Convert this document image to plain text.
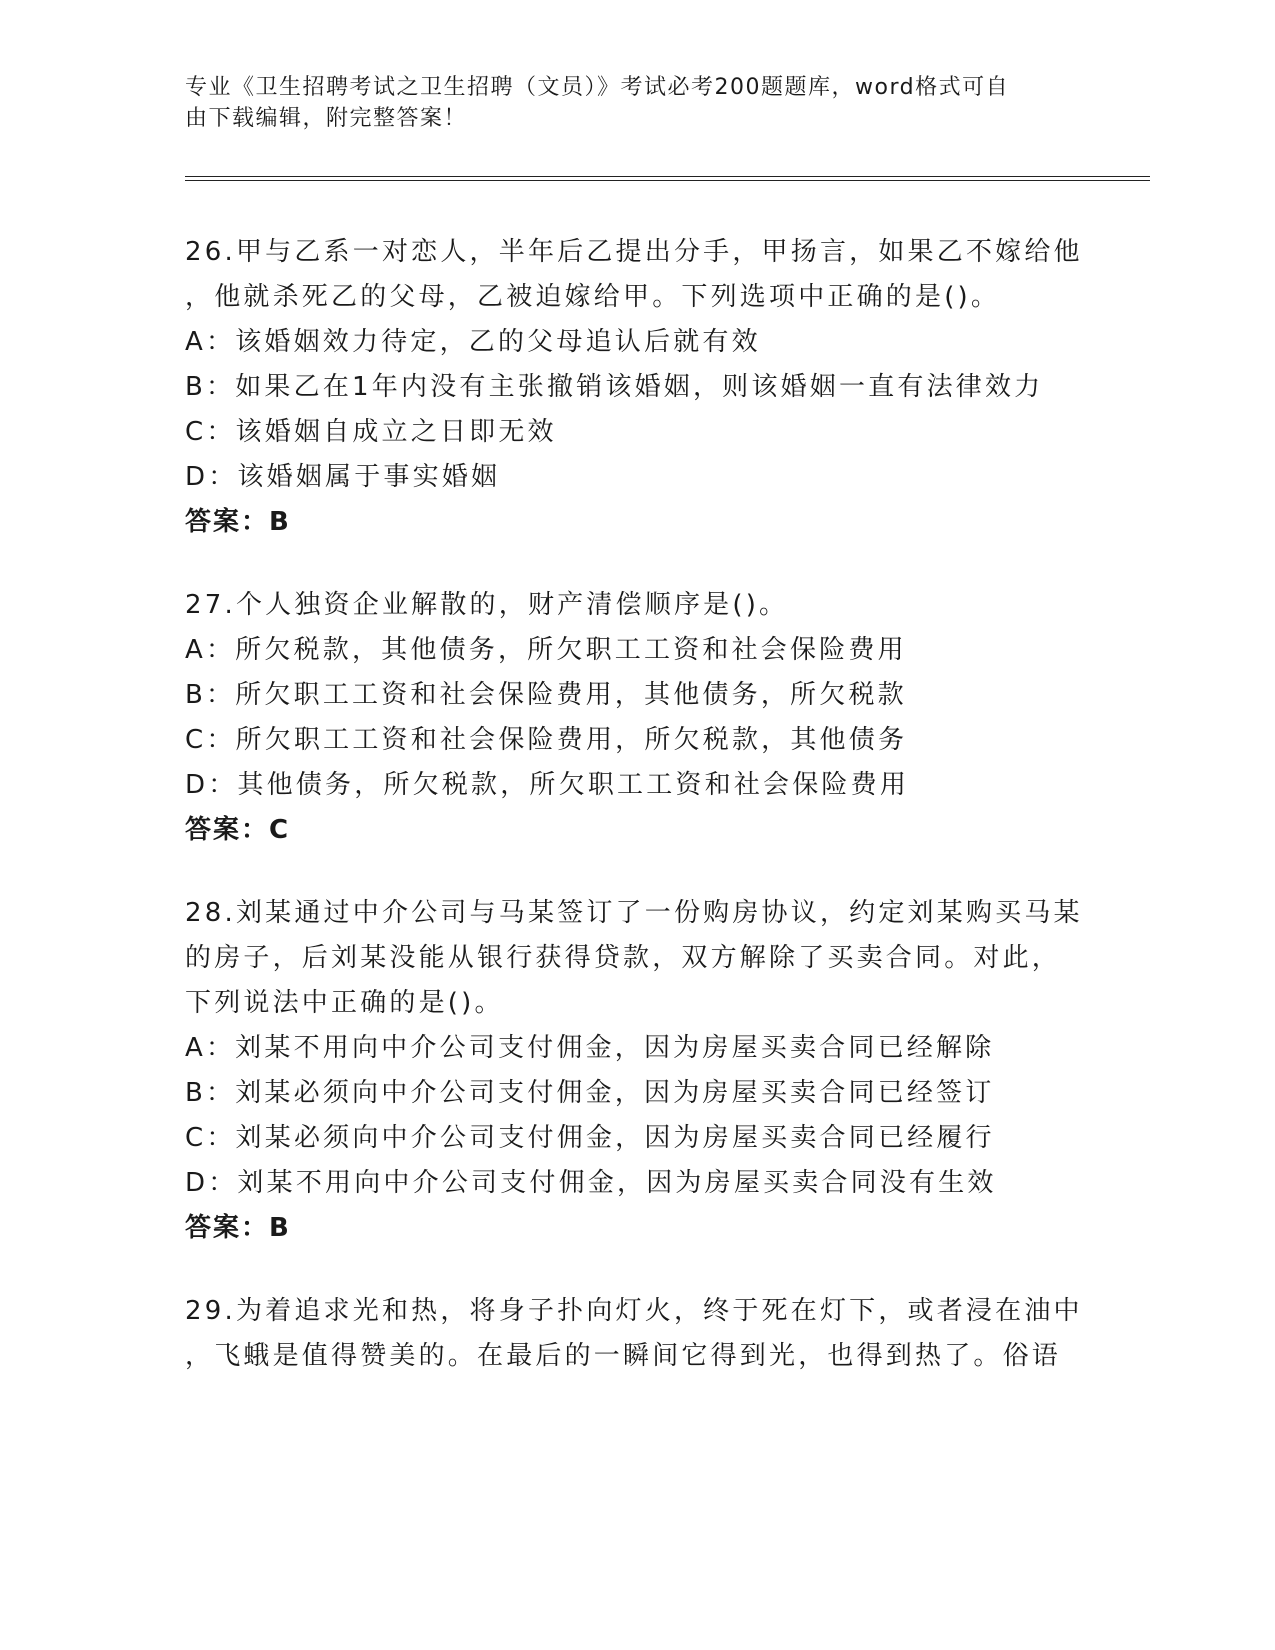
专业《卫生招聘考试之卫生招聘（文员）》考试必考200题题库，word格式可自
由下载编辑，附完整答案！
26.甲与乙系一对恋人，半年后乙提出分手，甲扬言，如果乙不嫁给他
，他就杀死乙的父母，乙被迫嫁给甲。下列选项中正确的是()。
A：该婚姻效力待定，乙的父母追认后就有效
B：如果乙在1年内没有主张撤销该婚姻，则该婚姻一直有法律效力
C：该婚姻自成立之日即无效
D：该婚姻属于事实婚姻
答案：B
27.个人独资企业解散的，财产清偿顺序是()。
A：所欠税款，其他债务，所欠职工工资和社会保险费用
B：所欠职工工资和社会保险费用，其他债务，所欠税款
C：所欠职工工资和社会保险费用，所欠税款，其他债务
D：其他债务，所欠税款，所欠职工工资和社会保险费用
答案：C
28.刘某通过中介公司与马某签订了一份购房协议，约定刘某购买马某
的房子，后刘某没能从银行获得贷款，双方解除了买卖合同。对此，
下列说法中正确的是()。
A：刘某不用向中介公司支付佣金，因为房屋买卖合同已经解除
B：刘某必须向中介公司支付佣金，因为房屋买卖合同已经签订
C：刘某必须向中介公司支付佣金，因为房屋买卖合同已经履行
D：刘某不用向中介公司支付佣金，因为房屋买卖合同没有生效
答案：B
29.为着追求光和热，将身子扑向灯火，终于死在灯下，或者浸在油中
，飞蛾是值得赞美的。在最后的一瞬间它得到光，也得到热了。俗语
